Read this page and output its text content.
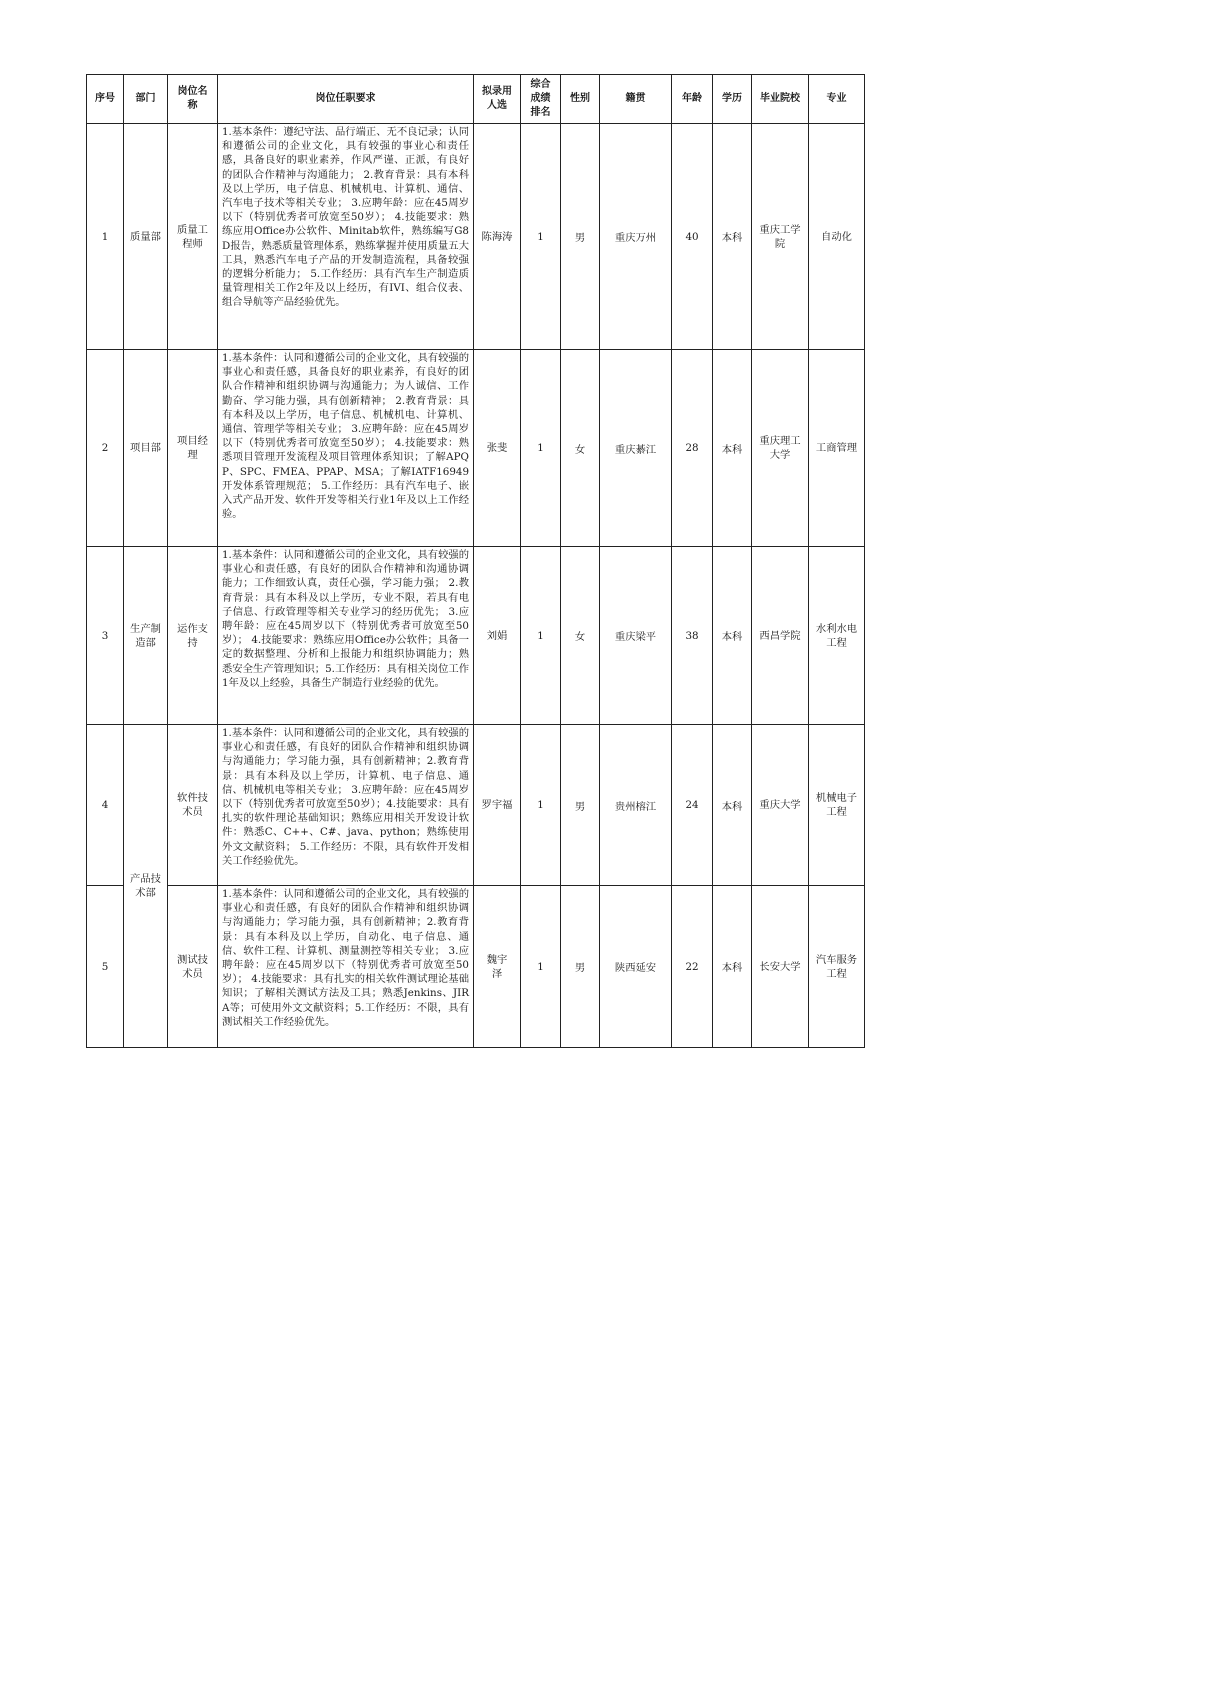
序号	部门	岗位名称	岗位任职要求	拟录用人选	综合成绩排名	性别	籍贯	年龄	学历	毕业院校	专业
1	质量部	质量工程师	1.基本条件：遵纪守法、品行端正、无不良记录；认同和遵循公司的企业文化，具有较强的事业心和责任感，具备良好的职业素养，作风严谨、正派，有良好的团队合作精神与沟通能力； 2.教育背景：具有本科及以上学历，电子信息、机械机电、计算机、通信、汽车电子技术等相关专业； 3.应聘年龄：应在45周岁以下（特别优秀者可放宽至50岁）； 4.技能要求：熟练应用Office办公软件、Minitab软件，熟练编写G8D报告，熟悉质量管理体系，熟练掌握并使用质量五大工具，熟悉汽车电子产品的开发制造流程，具备较强的逻辑分析能力； 5.工作经历：具有汽车生产制造质量管理相关工作2年及以上经历，有IVI、组合仪表、组合导航等产品经验优先。	陈海涛	1	男	重庆万州	40	本科	重庆工学院	自动化
2	项目部	项目经理	1.基本条件：认同和遵循公司的企业文化，具有较强的事业心和责任感，具备良好的职业素养，有良好的团队合作精神和组织协调与沟通能力；为人诚信、工作勤奋、学习能力强，具有创新精神； 2.教育背景：具有本科及以上学历，电子信息、机械机电、计算机、通信、管理学等相关专业； 3.应聘年龄：应在45周岁以下（特别优秀者可放宽至50岁）； 4.技能要求：熟悉项目管理开发流程及项目管理体系知识；了解APQP、SPC、FMEA、PPAP、MSA；了解IATF16949开发体系管理规范； 5.工作经历：具有汽车电子、嵌入式产品开发、软件开发等相关行业1年及以上工作经验。	张斐	1	女	重庆綦江	28	本科	重庆理工大学	工商管理
3	生产制造部	运作支持	1.基本条件：认同和遵循公司的企业文化，具有较强的事业心和责任感，有良好的团队合作精神和沟通协调能力；工作细致认真，责任心强，学习能力强； 2.教育背景：具有本科及以上学历，专业不限，若具有电子信息、行政管理等相关专业学习的经历优先； 3.应聘年龄：应在45周岁以下（特别优秀者可放宽至50岁）； 4.技能要求：熟练应用Office办公软件；具备一定的数据整理、分析和上报能力和组织协调能力；熟悉安全生产管理知识；5.工作经历：具有相关岗位工作1年及以上经验，具备生产制造行业经验的优先。	刘娟	1	女	重庆梁平	38	本科	西昌学院	水利水电工程
4	产品技术部	软件技术员	1.基本条件：认同和遵循公司的企业文化，具有较强的事业心和责任感，有良好的团队合作精神和组织协调与沟通能力；学习能力强，具有创新精神；2.教育背景：具有本科及以上学历，计算机、电子信息、通信、机械机电等相关专业； 3.应聘年龄：应在45周岁以下（特别优秀者可放宽至50岁）；4.技能要求：具有扎实的软件理论基础知识；熟练应用相关开发设计软件：熟悉C、C++、C#、java、python；熟练使用外文文献资料； 5.工作经历：不限，具有软件开发相关工作经验优先。	罗宇福	1	男	贵州榕江	24	本科	重庆大学	机械电子工程
5		测试技术员	1.基本条件：认同和遵循公司的企业文化，具有较强的事业心和责任感，有良好的团队合作精神和组织协调与沟通能力；学习能力强，具有创新精神；2.教育背景：具有本科及以上学历，自动化、电子信息、通信、软件工程、计算机、测量测控等相关专业； 3.应聘年龄：应在45周岁以下（特别优秀者可放宽至50岁）； 4.技能要求：具有扎实的相关软件测试理论基础知识；了解相关测试方法及工具；熟悉Jenkins、JIRA等；可使用外文文献资料；5.工作经历：不限，具有测试相关工作经验优先。	魏宇泽	1	男	陕西延安	22	本科	长安大学	汽车服务工程
